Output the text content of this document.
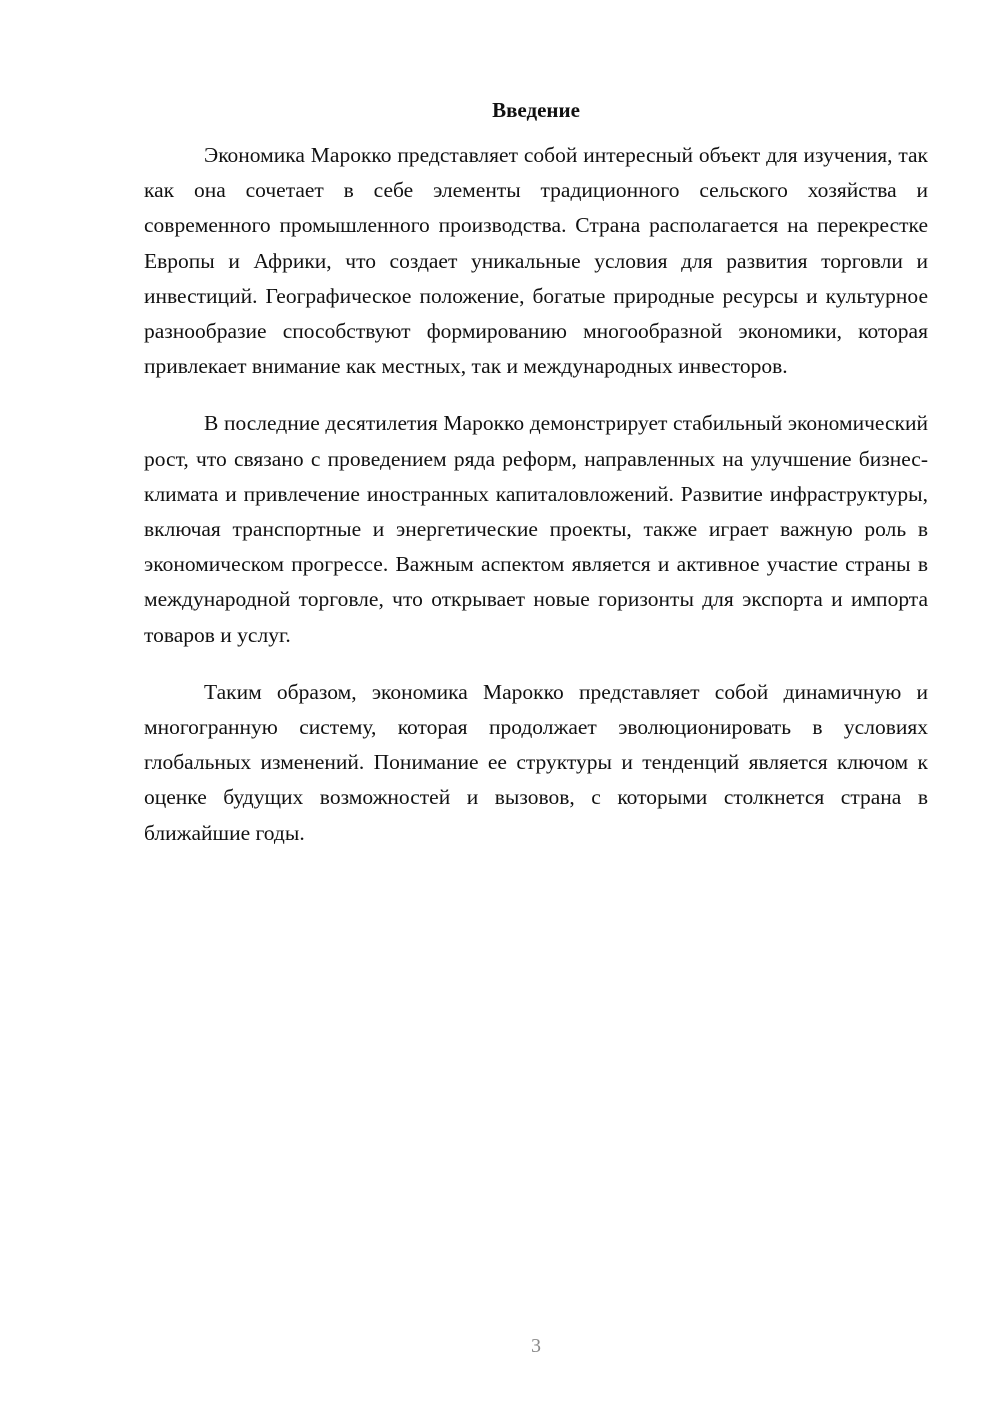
Введение

Экономика Марокко представляет собой интересный объект для изучения, так как она сочетает в себе элементы традиционного сельского хозяйства и современного промышленного производства. Страна располагается на перекрестке Европы и Африки, что создает уникальные условия для развития торговли и инвестиций. Географическое положение, богатые природные ресурсы и культурное разнообразие способствуют формированию многообразной экономики, которая привлекает внимание как местных, так и международных инвесторов.

В последние десятилетия Марокко демонстрирует стабильный экономический рост, что связано с проведением ряда реформ, направленных на улучшение бизнес-климата и привлечение иностранных капиталовложений. Развитие инфраструктуры, включая транспортные и энергетические проекты, также играет важную роль в экономическом прогрессе. Важным аспектом является и активное участие страны в международной торговле, что открывает новые горизонты для экспорта и импорта товаров и услуг.

Таким образом, экономика Марокко представляет собой динамичную и многогранную систему, которая продолжает эволюционировать в условиях глобальных изменений. Понимание ее структуры и тенденций является ключом к оценке будущих возможностей и вызовов, с которыми столкнется страна в ближайшие годы.

3
